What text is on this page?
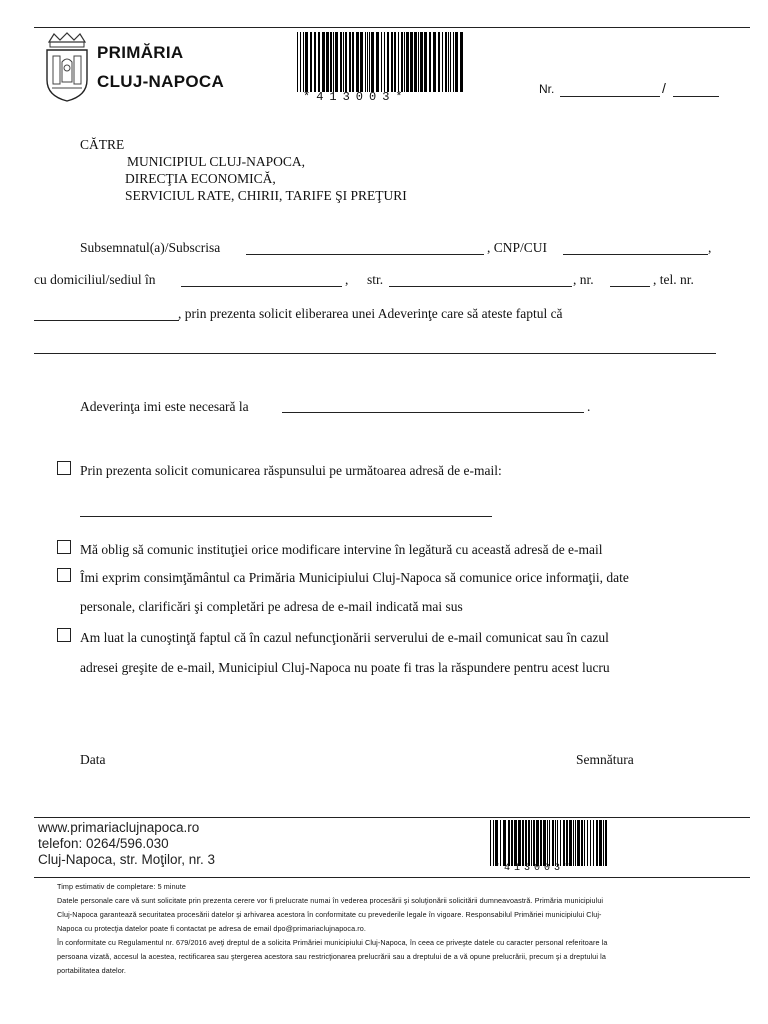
PRIMĂRIA
CLUJ-NAPOCA
*413003*
Nr.	/
CĂTRE
MUNICIPIUL CLUJ-NAPOCA,
DIRECŢIA ECONOMICĂ,
SERVICIUL RATE, CHIRII, TARIFE ŞI PREŢURI
Subsemnatul(a)/Subscrisa	, CNP/CUI	,
cu domiciliul/sediul în	, str.	, nr.	, tel. nr.
, prin prezenta solicit eliberarea unei Adeverinţe care să ateste faptul că
Adeverinţa imi este necesară la	.
Prin prezenta solicit comunicarea răspunsului pe următoarea adresă de e-mail:
Mă oblig să comunic instituţiei orice modificare intervine în legătură cu această adresă de e-mail
Îmi exprim consimţământul ca Primăria Municipiului Cluj-Napoca să comunice orice informaţii, date
personale, clarificări şi completări pe adresa de e-mail indicată mai sus
Am luat la cunoştinţă faptul că în cazul nefuncţionării serverului de e-mail comunicat sau în cazul
adresei greşite de e-mail, Municipiul Cluj-Napoca nu poate fi tras la răspundere pentru acest lucru
Data	Semnătura
www.primariaclujnapoca.ro
telefon: 0264/596.030
Cluj-Napoca, str. Moţilor, nr. 3
*413003*
Timp estimativ de completare: 5 minute
Datele personale care vă sunt solicitate prin prezenta cerere vor fi prelucrate numai în vederea procesării şi soluţionării solicitării dumneavoastră. Primăria municipiului
Cluj-Napoca garantează securitatea procesării datelor şi arhivarea acestora în conformitate cu prevederile legale în vigoare. Responsabilul Primăriei municipiului Cluj-
Napoca cu protecţia datelor poate fi contactat pe adresa de email dpo@primariaclujnapoca.ro.
În conformitate cu Regulamentul nr. 679/2016 aveţi dreptul de a solicita Primăriei municipiului Cluj-Napoca, în ceea ce priveşte datele cu caracter personal referitoare la
persoana vizată, accesul la acestea, rectificarea sau ştergerea acestora sau restricţionarea prelucrării sau a dreptului de a vă opune prelucrării, precum şi a dreptului la
portabilitatea datelor.
